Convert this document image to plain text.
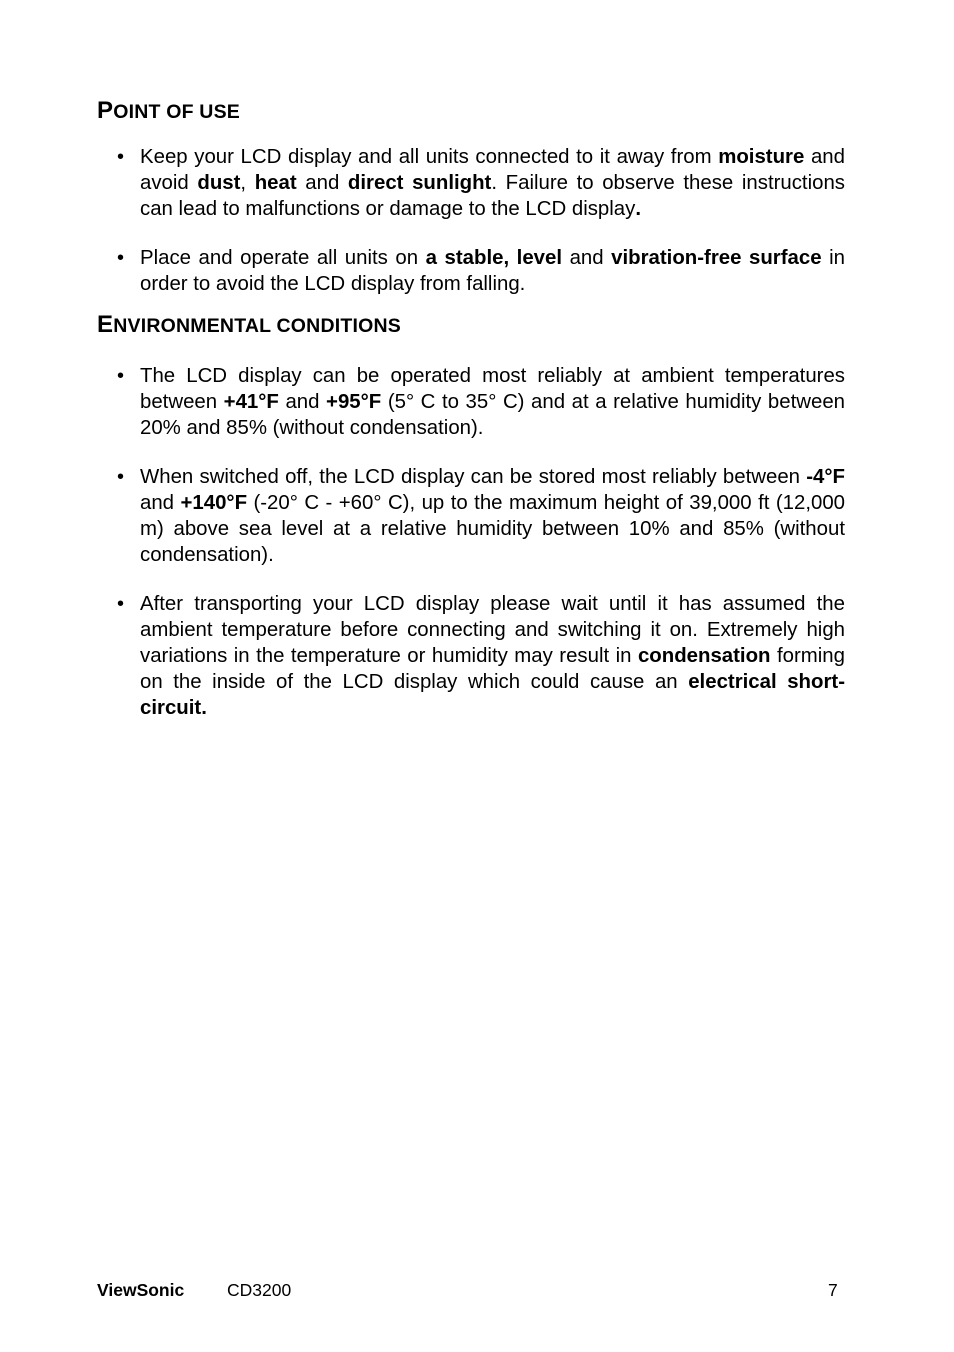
POINT OF USE
• Keep your LCD display and all units connected to it away from moisture and avoid dust, heat and direct sunlight. Failure to observe these instructions can lead to malfunctions or damage to the LCD display.
• Place and operate all units on a stable, level and vibration-free surface in order to avoid the LCD display from falling.
ENVIRONMENTAL CONDITIONS
• The LCD display can be operated most reliably at ambient temperatures between +41°F and +95°F (5° C to 35° C) and at a relative humidity between 20% and 85% (without condensation).
• When switched off, the LCD display can be stored most reliably between -4°F and +140°F (-20° C - +60° C), up to the maximum height of 39,000 ft (12,000 m) above sea level at a relative humidity between 10% and 85% (without condensation).
• After transporting your LCD display please wait until it has assumed the ambient temperature before connecting and switching it on. Extremely high variations in the temperature or humidity may result in condensation forming on the inside of the LCD display which could cause an electrical short-circuit.
ViewSonic CD3200	7
